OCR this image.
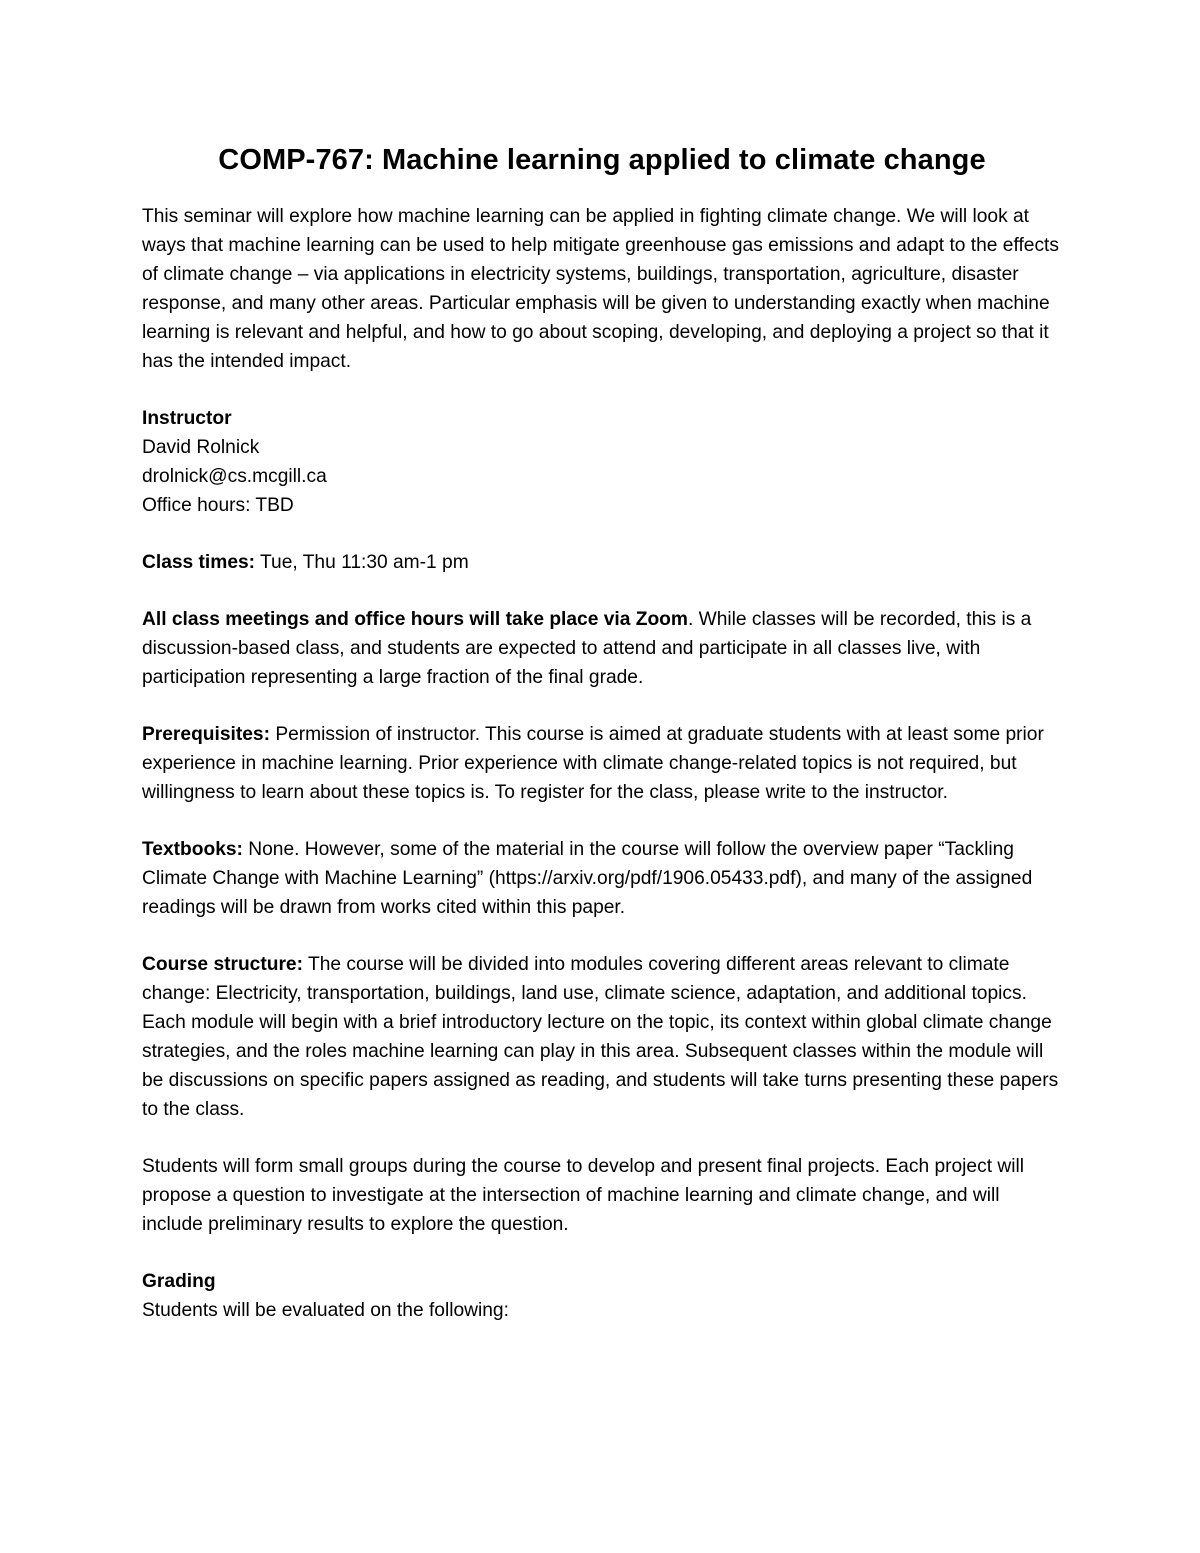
COMP-767: Machine learning applied to climate change

This seminar will explore how machine learning can be applied in fighting climate change. We will look at ways that machine learning can be used to help mitigate greenhouse gas emissions and adapt to the effects of climate change – via applications in electricity systems, buildings, transportation, agriculture, disaster response, and many other areas. Particular emphasis will be given to understanding exactly when machine learning is relevant and helpful, and how to go about scoping, developing, and deploying a project so that it has the intended impact.

Instructor
David Rolnick
drolnick@cs.mcgill.ca
Office hours: TBD

Class times: Tue, Thu 11:30 am-1 pm

All class meetings and office hours will take place via Zoom. While classes will be recorded, this is a discussion-based class, and students are expected to attend and participate in all classes live, with participation representing a large fraction of the final grade.

Prerequisites: Permission of instructor. This course is aimed at graduate students with at least some prior experience in machine learning. Prior experience with climate change-related topics is not required, but willingness to learn about these topics is. To register for the class, please write to the instructor.

Textbooks: None. However, some of the material in the course will follow the overview paper “Tackling Climate Change with Machine Learning” (https://arxiv.org/pdf/1906.05433.pdf), and many of the assigned readings will be drawn from works cited within this paper.

Course structure: The course will be divided into modules covering different areas relevant to climate change: Electricity, transportation, buildings, land use, climate science, adaptation, and additional topics. Each module will begin with a brief introductory lecture on the topic, its context within global climate change strategies, and the roles machine learning can play in this area. Subsequent classes within the module will be discussions on specific papers assigned as reading, and students will take turns presenting these papers to the class.

Students will form small groups during the course to develop and present final projects. Each project will propose a question to investigate at the intersection of machine learning and climate change, and will include preliminary results to explore the question.

Grading
Students will be evaluated on the following:
